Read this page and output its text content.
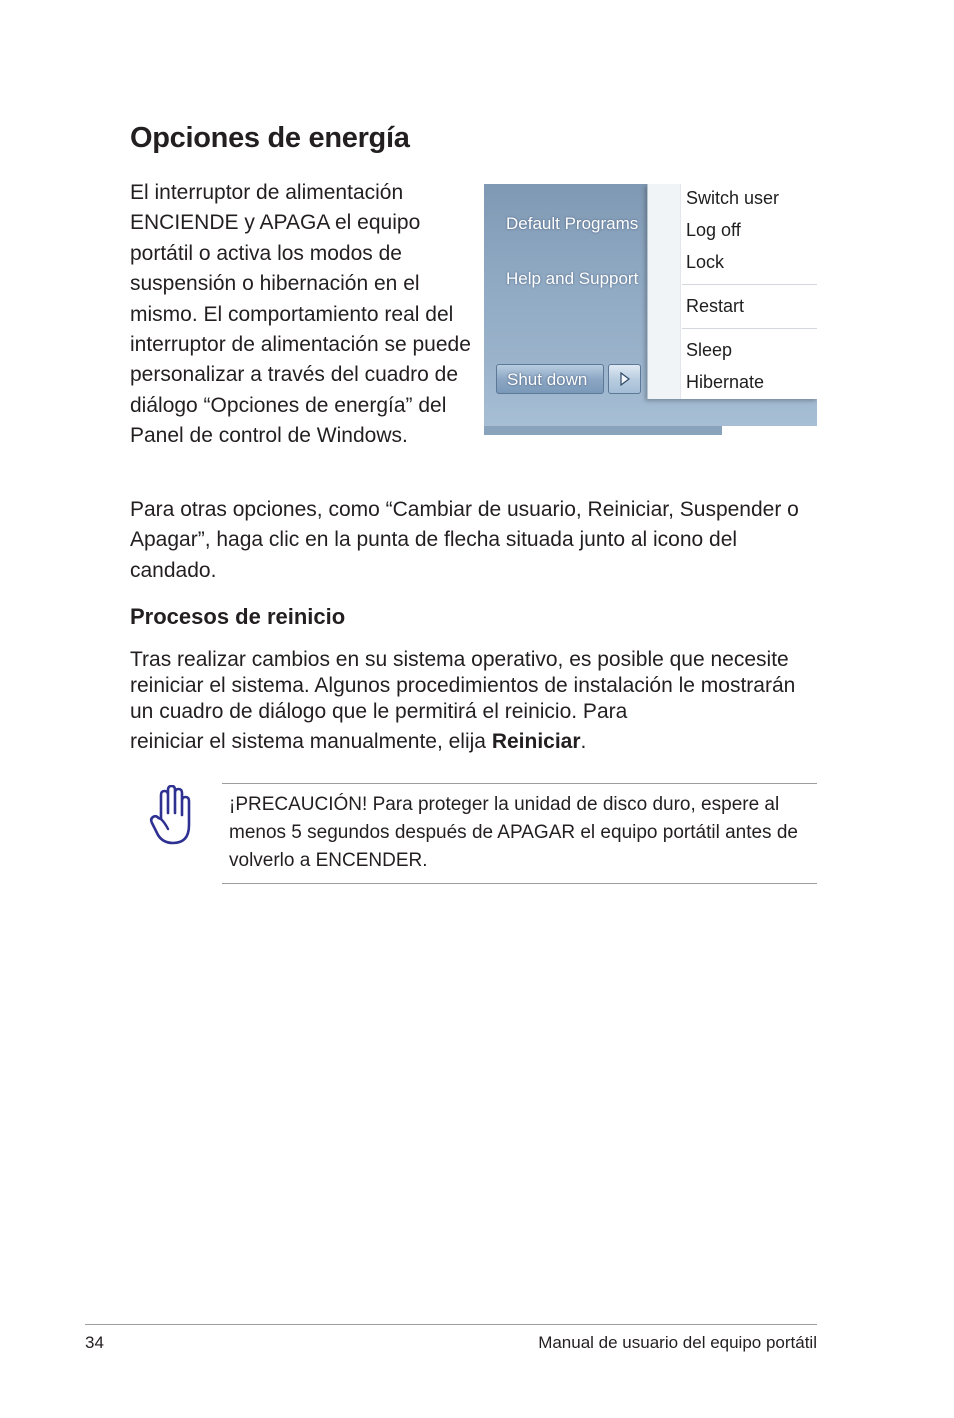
Opciones de energía

El interruptor de alimentación ENCIENDE y APAGA el equipo portátil o activa los modos de suspensión o hibernación en el mismo. El comportamiento real del interruptor de alimentación se puede personalizar a través del cuadro de diálogo “Opciones de energía” del Panel de control de Windows.

Default Programs
Help and Support
Shut down
Switch user
Log off
Lock
Restart
Sleep
Hibernate

Para otras opciones, como “Cambiar de usuario, Reiniciar, Suspender o Apagar”, haga clic en la punta de flecha situada junto al icono del candado.

Procesos de reinicio

Tras realizar cambios en su sistema operativo, es posible que necesite reiniciar el sistema. Algunos procedimientos de instalación le mostrarán un cuadro de diálogo que le permitirá el reinicio. Para
reiniciar el sistema manualmente, elija Reiniciar.

¡PRECAUCIÓN! Para proteger la unidad de disco duro, espere al menos 5 segundos después de APAGAR el equipo portátil antes de volverlo a ENCENDER.

34	Manual de usuario del equipo portátil
